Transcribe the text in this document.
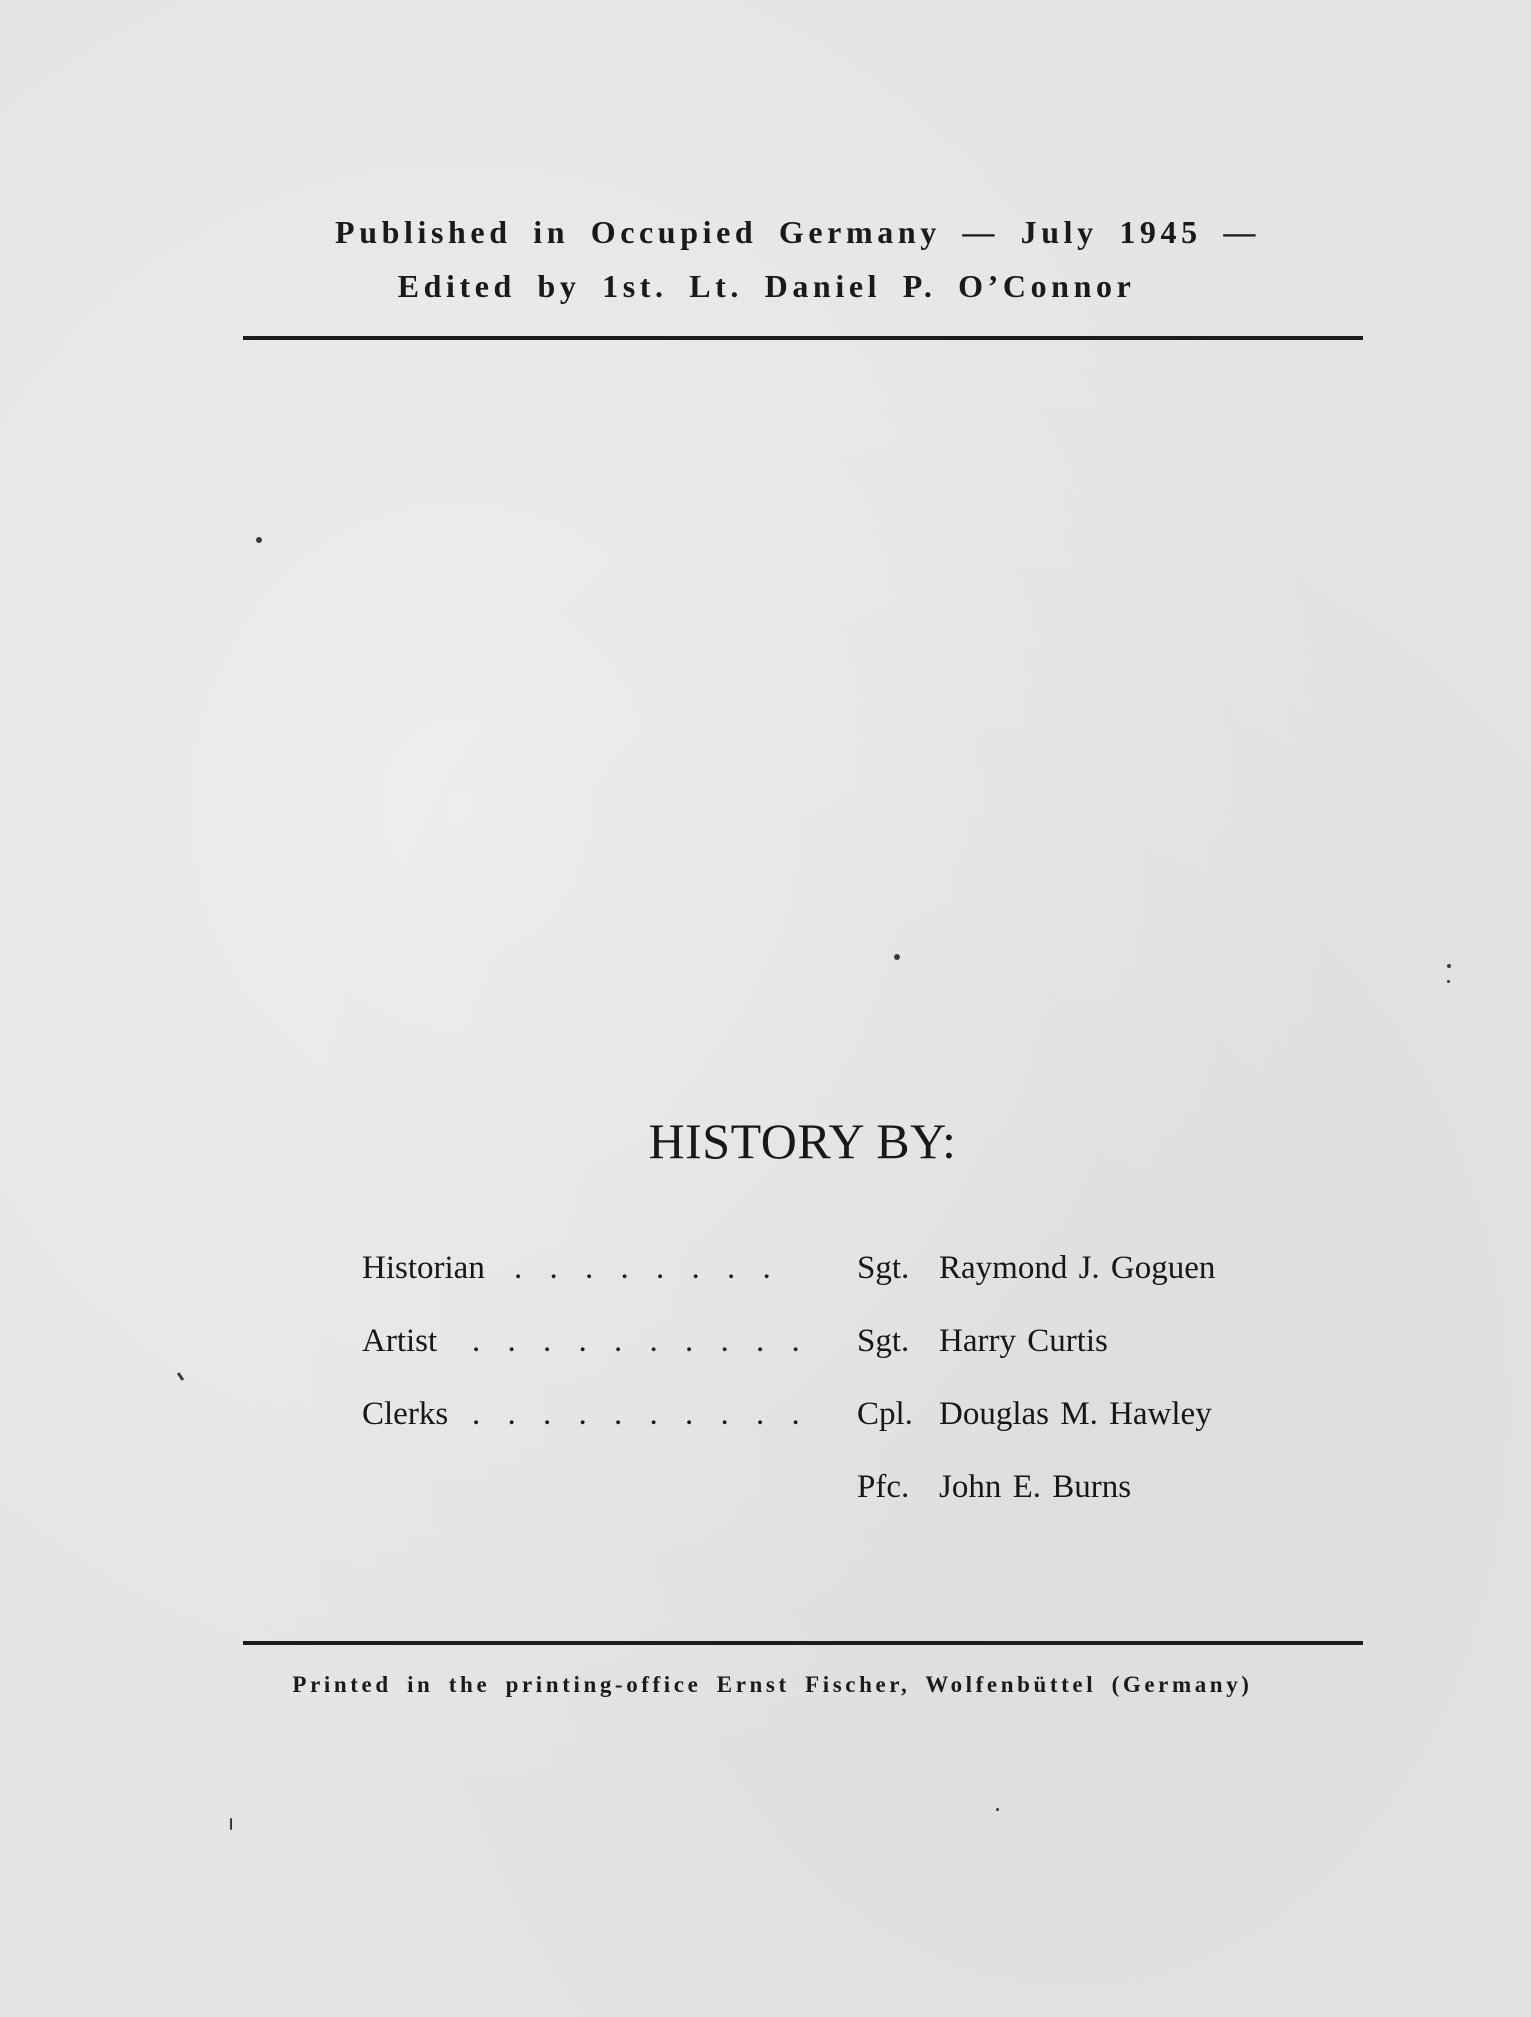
Published in Occupied Germany — July 1945 —
Edited by 1st. Lt. Daniel P. O’Connor
HISTORY BY:
Historian . . . . . . . . Sgt. Raymond J. Goguen
Artist . . . . . . . . . . Sgt. Harry Curtis
Clerks . . . . . . . . . . Cpl. Douglas M. Hawley
Pfc. John E. Burns
Printed in the printing-office Ernst Fischer, Wolfenbüttel (Germany)
